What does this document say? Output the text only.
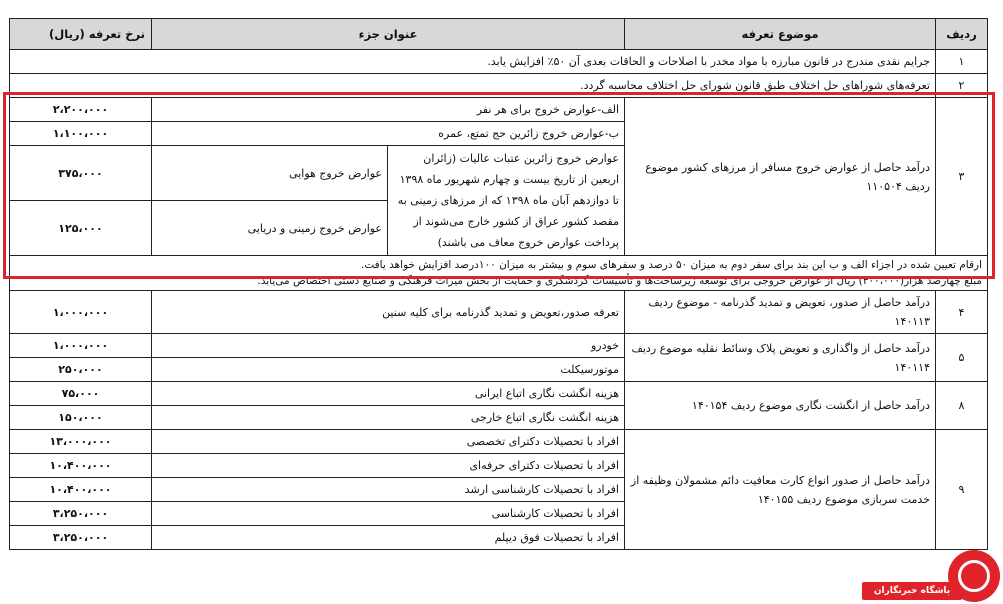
ردیف	موضوع تعرفه	عنوان جزء		نرخ تعرفه (ریال)
۱	جرایم نقدی مندرج در قانون مبارزه با مواد مخدر با اصلاحات و الحاقات بعدی آن ۵۰٪ افزایش یابد.			
۲	تعرفه‌های شوراهای حل اختلاف طبق قانون شورای حل اختلاف محاسبه گردد.			
۳	درآمد حاصل از عوارض خروج مسافر از مرزهای کشور موضوع ردیف ۱۱۰۵۰۴	الف-عوارض خروج برای هر نفر		۲،۲۰۰،۰۰۰
		ب-عوارض خروج زائرین حج تمتع، عمره		۱،۱۰۰،۰۰۰
		عوارض خروج زائرین عتبات عالیات (زائران اربعین از تاریخ بیست و چهارم شهریور ماه ۱۳۹۸ تا دوازدهم آبان ماه ۱۳۹۸ که از مرزهای زمینی به مقصد کشور عراق از کشور خارج می‌شوند از پرداخت عوارض خروج معاف می باشند)	عوارض خروج هوایی	۳۷۵،۰۰۰
			عوارض خروج زمینی و دریایی	۱۲۵،۰۰۰

ارقام تعیین شده در اجزاء الف و ب این بند برای سفر دوم به میزان ۵۰ درصد و سفرهای سوم و بیشتر به میزان ۱۰۰درصد افزایش خواهد یافت.
مبلغ چهارصد هزار(۴۰۰،۰۰۰) ریال از عوارض خروجی برای توسعه زیرساخت‌ها و تأسیسات گردشگری و حمایت از بخش میراث فرهنگی و صنایع دستی اختصاص می‌یابد.				

۴	درآمد حاصل از صدور، تعویض و تمدید گذرنامه - موضوع ردیف ۱۴۰۱۱۳	تعرفه صدور،تعویض و تمدید گذرنامه برای کلیه سنین		۱،۰۰۰،۰۰۰
۵	درآمد حاصل از واگذاری و تعویض پلاک وسائط نقلیه موضوع ردیف ۱۴۰۱۱۴	خودرو		۱،۰۰۰،۰۰۰
		موتورسیکلت		۲۵۰،۰۰۰
۸	درآمد حاصل از انگشت نگاری موضوع ردیف ۱۴۰۱۵۴	هزینه انگشت نگاری اتباع ایرانی		۷۵،۰۰۰
		هزینه انگشت نگاری اتباع خارجی		۱۵۰،۰۰۰
۹	درآمد حاصل از صدور انواع کارت معافیت دائم مشمولان وظیفه از خدمت سربازی موضوع ردیف ۱۴۰۱۵۵	افراد با تحصیلات دکترای تخصصی		۱۳،۰۰۰،۰۰۰
		افراد با تحصیلات دکترای حرفه‌ای		۱۰،۴۰۰،۰۰۰
		افراد با تحصیلات کارشناسی ارشد		۱۰،۴۰۰،۰۰۰
		افراد با تحصیلات کارشناسی		۳،۲۵۰،۰۰۰
		افراد با تحصیلات فوق دیپلم		۳،۲۵۰،۰۰۰
باشگاه خبرنگاران
